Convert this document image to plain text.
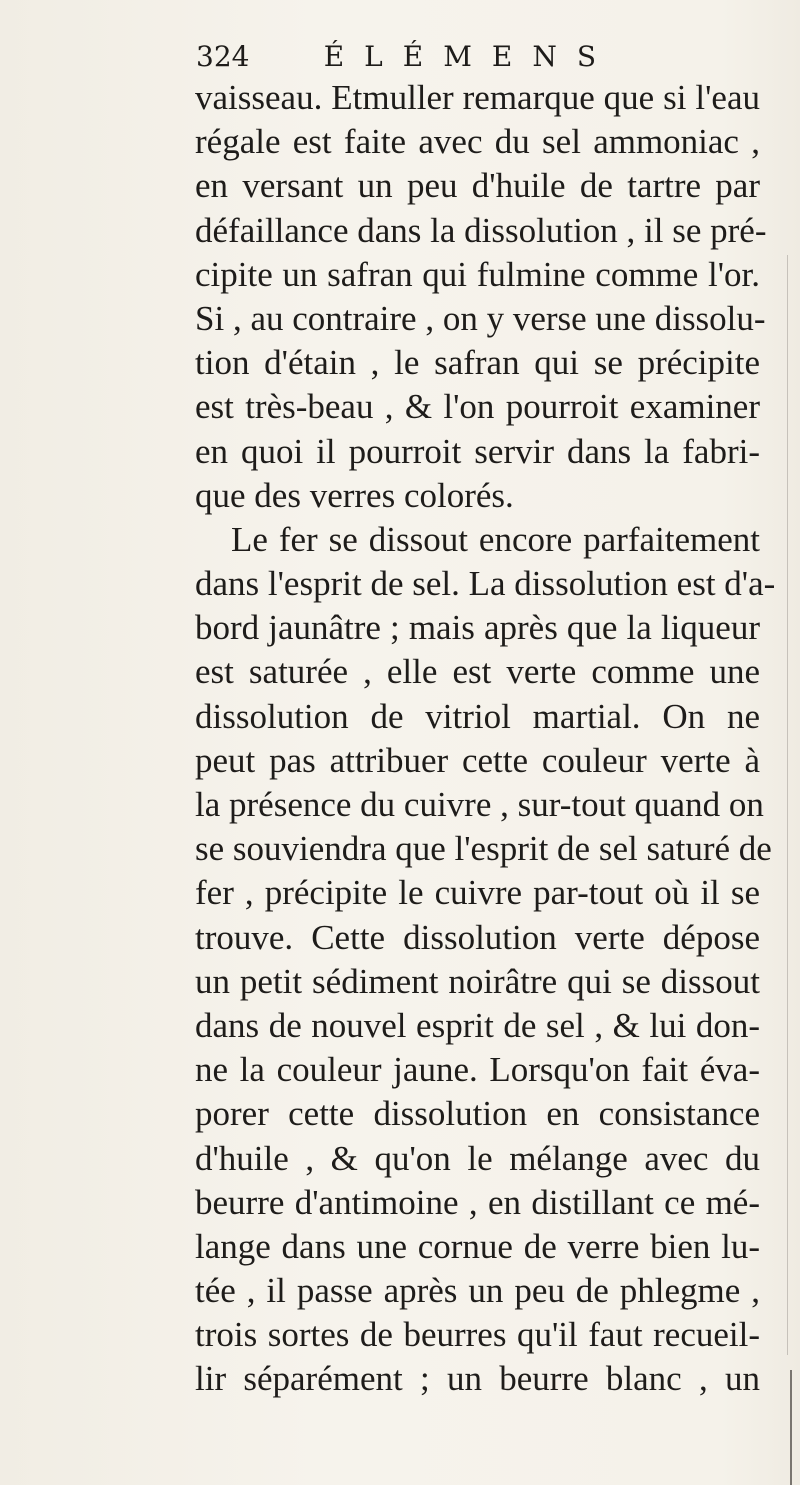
324	ÉLÉMENS
vaisseau. Etmuller remarque que si l'eau
régale est faite avec du sel ammoniac ,
en versant un peu d'huile de tartre par
défaillance dans la dissolution , il se pré-
cipite un safran qui fulmine comme l'or.
Si , au contraire , on y verse une dissolu-
tion d'étain , le safran qui se précipite
est très-beau , & l'on pourroit examiner
en quoi il pourroit servir dans la fabri-
que des verres colorés.
Le fer se dissout encore parfaitement
dans l'esprit de sel. La dissolution est d'a-
bord jaunâtre ; mais après que la liqueur
est saturée , elle est verte comme une
dissolution de vitriol martial. On ne
peut pas attribuer cette couleur verte à
la présence du cuivre , sur-tout quand on
se souviendra que l'esprit de sel saturé de
fer , précipite le cuivre par-tout où il se
trouve. Cette dissolution verte dépose
un petit sédiment noirâtre qui se dissout
dans de nouvel esprit de sel , & lui don-
ne la couleur jaune. Lorsqu'on fait éva-
porer cette dissolution en consistance
d'huile , & qu'on le mélange avec du
beurre d'antimoine , en distillant ce mé-
lange dans une cornue de verre bien lu-
tée , il passe après un peu de phlegme ,
trois sortes de beurres qu'il faut recueil-
lir séparément ; un beurre blanc , un
